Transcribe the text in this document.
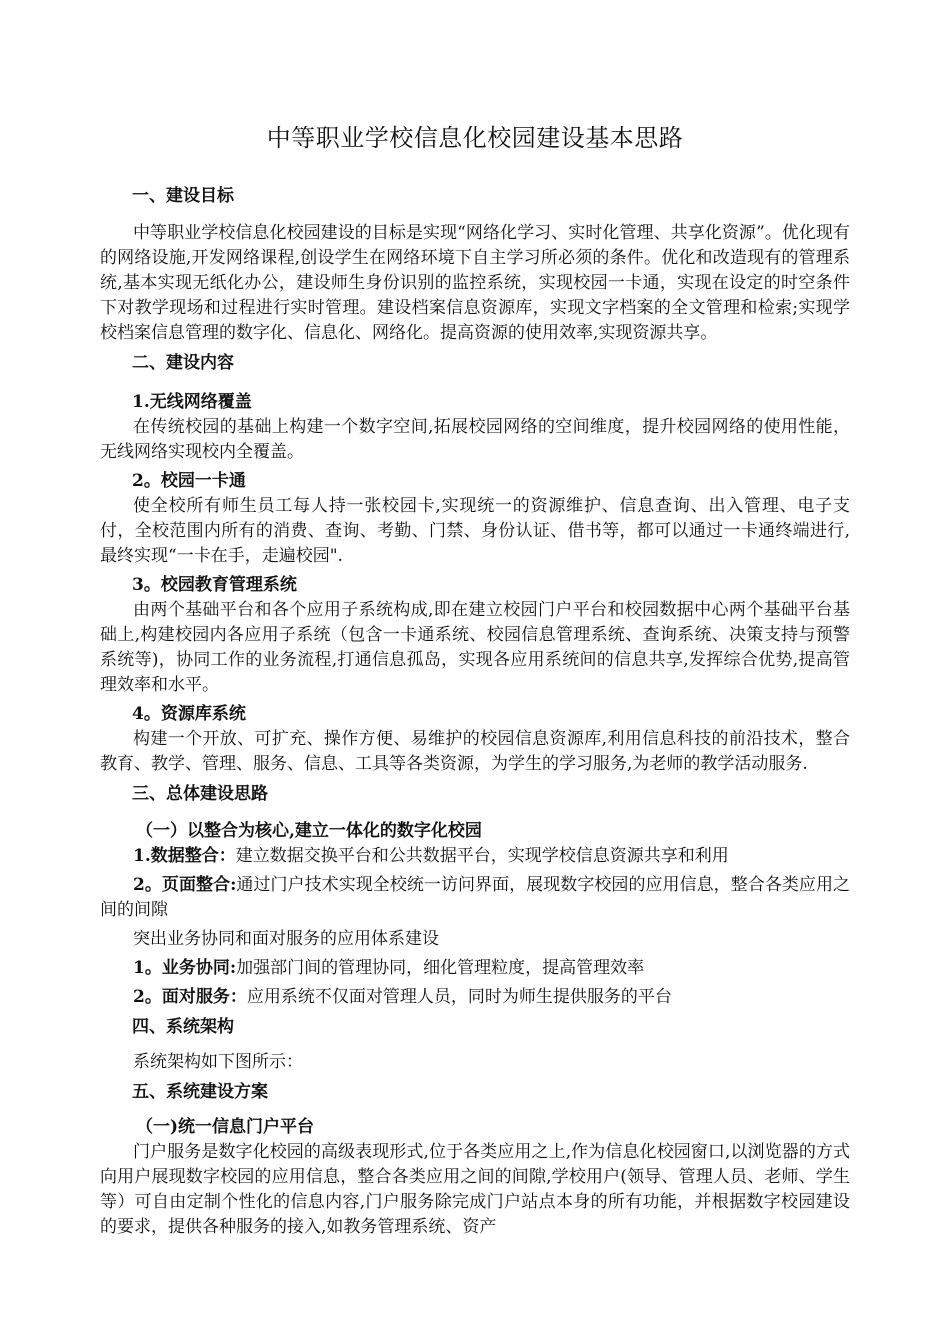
中等职业学校信息化校园建设基本思路
一、建设目标
中等职业学校信息化校园建设的目标是实现“网络化学习、实时化管理、共享化资源”。优化现有的网络设施,开发网络课程,创设学生在网络环境下自主学习所必须的条件。优化和改造现有的管理系统,基本实现无纸化办公，建设师生身份识别的监控系统，实现校园一卡通，实现在设定的时空条件下对教学现场和过程进行实时管理。建设档案信息资源库，实现文字档案的全文管理和检索;实现学校档案信息管理的数字化、信息化、网络化。提高资源的使用效率,实现资源共享。
二、建设内容
1.无线网络覆盖
在传统校园的基础上构建一个数字空间,拓展校园网络的空间维度，提升校园网络的使用性能，无线网络实现校内全覆盖。
2。校园一卡通
使全校所有师生员工每人持一张校园卡,实现统一的资源维护、信息查询、出入管理、电子支付，全校范围内所有的消费、查询、考勤、门禁、身份认证、借书等，都可以通过一卡通终端进行,最终实现“一卡在手，走遍校园".
3。校园教育管理系统
由两个基础平台和各个应用子系统构成,即在建立校园门户平台和校园数据中心两个基础平台基础上,构建校园内各应用子系统（包含一卡通系统、校园信息管理系统、查询系统、决策支持与预警系统等)，协同工作的业务流程,打通信息孤岛，实现各应用系统间的信息共享,发挥综合优势,提高管理效率和水平。
4。资源库系统
构建一个开放、可扩充、操作方便、易维护的校园信息资源库,利用信息科技的前沿技术，整合教育、教学、管理、服务、信息、工具等各类资源，为学生的学习服务,为老师的教学活动服务.
三、总体建设思路
（一）以整合为核心,建立一体化的数字化校园
1.数据整合：建立数据交换平台和公共数据平台，实现学校信息资源共享和利用
2。页面整合:通过门户技术实现全校统一访问界面，展现数字校园的应用信息，整合各类应用之间的间隙
突出业务协同和面对服务的应用体系建设
1。业务协同:加强部门间的管理协同，细化管理粒度，提高管理效率
2。面对服务：应用系统不仅面对管理人员，同时为师生提供服务的平台
四、系统架构
系统架构如下图所示：
五、系统建设方案
（一)统一信息门户平台
门户服务是数字化校园的高级表现形式,位于各类应用之上,作为信息化校园窗口,以浏览器的方式向用户展现数字校园的应用信息，整合各类应用之间的间隙,学校用户(领导、管理人员、老师、学生等）可自由定制个性化的信息内容,门户服务除完成门户站点本身的所有功能，并根据数字校园建设的要求，提供各种服务的接入,如教务管理系统、资产
